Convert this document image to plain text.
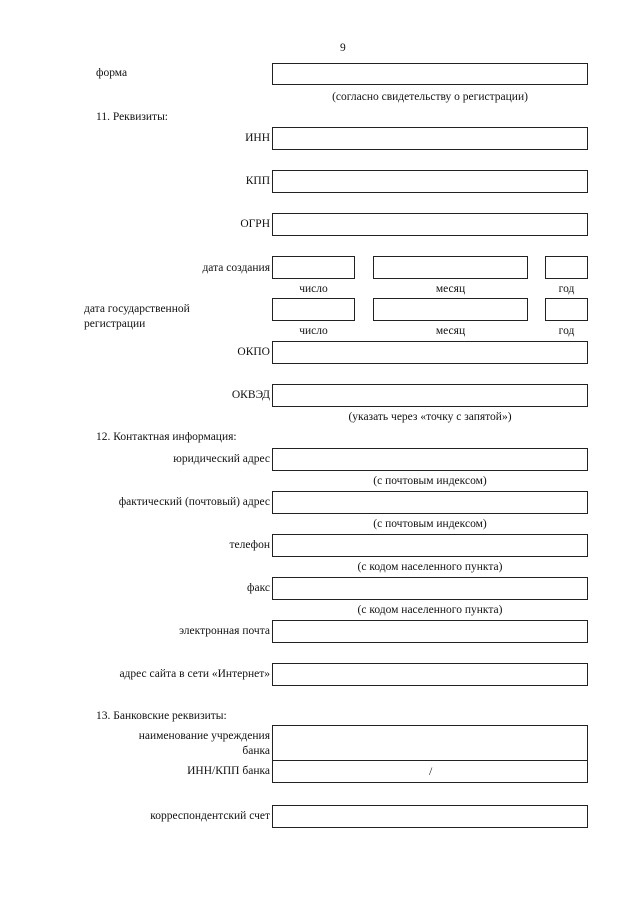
9
форма
(согласно свидетельству о регистрации)
11. Реквизиты:
ИНН
КПП
ОГРН
дата создания
число	месяц	год
дата государственной
регистрации
число	месяц	год
ОКПО
ОКВЭД
(указать через «точку с запятой»)
12. Контактная информация:
юридический адрес
(с почтовым индексом)
фактический (почтовый) адрес
(с почтовым индексом)
телефон
(с кодом населенного пункта)
факс
(с кодом населенного пункта)
электронная почта
адрес сайта в сети «Интернет»
13. Банковские реквизиты:
наименование учреждения
банка
ИНН/КПП банка	/
корреспондентский счет
